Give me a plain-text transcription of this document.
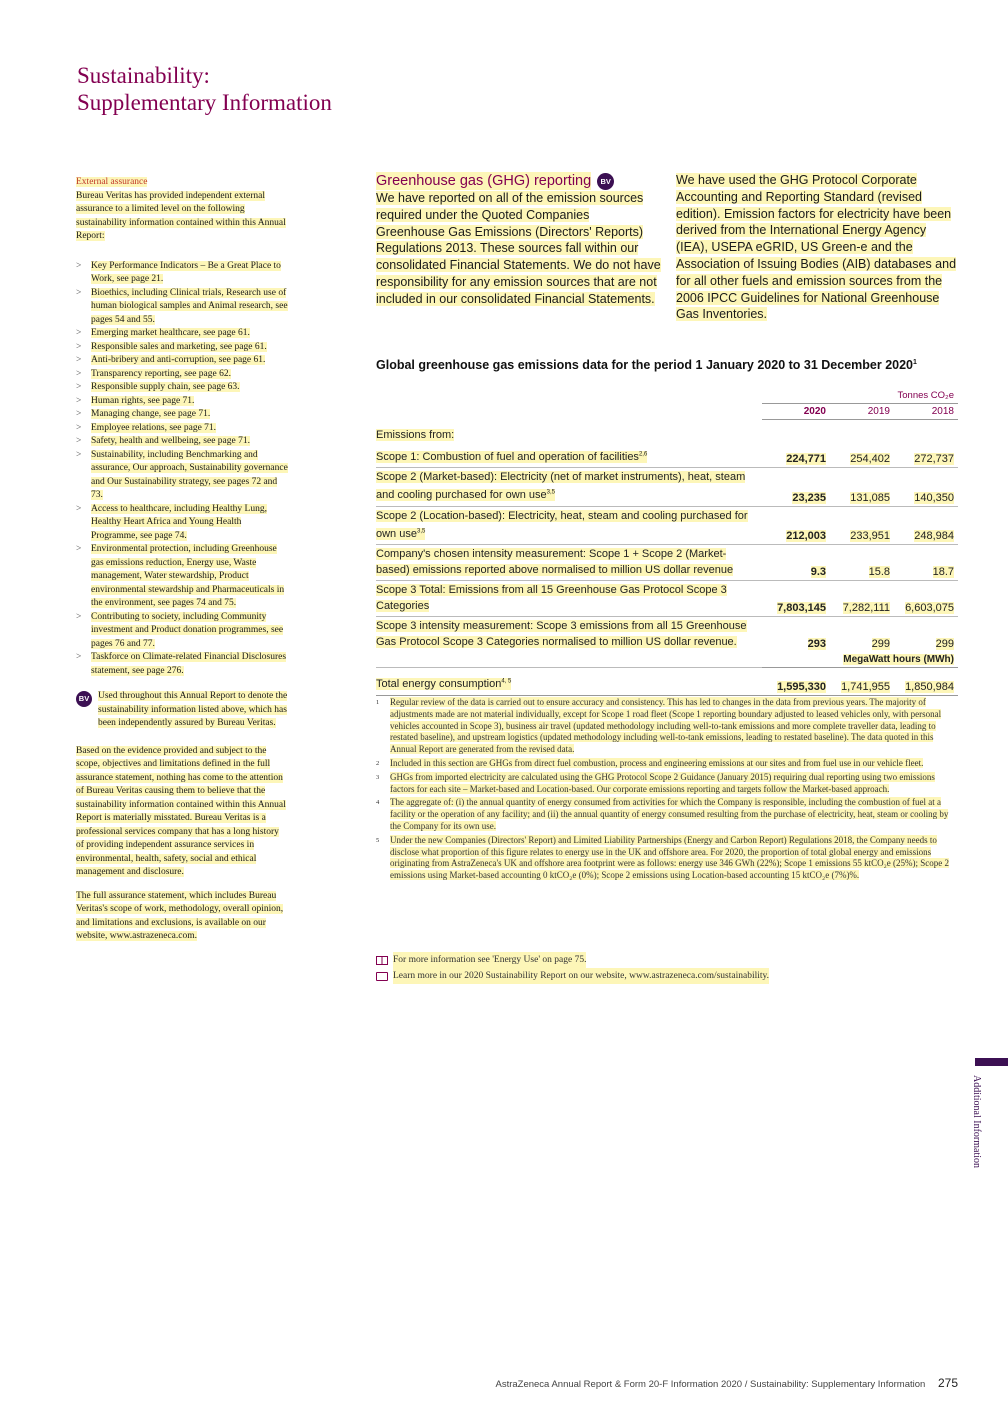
Sustainability:
Supplementary Information

External assurance
Bureau Veritas has provided independent external assurance to a limited level on the following sustainability information contained within this Annual Report:

> Key Performance Indicators – Be a Great Place to Work, see page 21.
> Bioethics, including Clinical trials, Research use of human biological samples and Animal research, see pages 54 and 55.
> Emerging market healthcare, see page 61.
> Responsible sales and marketing, see page 61.
> Anti-bribery and anti-corruption, see page 61.
> Transparency reporting, see page 62.
> Responsible supply chain, see page 63.
> Human rights, see page 71.
> Managing change, see page 71.
> Employee relations, see page 71.
> Safety, health and wellbeing, see page 71.
> Sustainability, including Benchmarking and assurance, Our approach, Sustainability governance and Our Sustainability strategy, see pages 72 and 73.
> Access to healthcare, including Healthy Lung, Healthy Heart Africa and Young Health Programme, see page 74.
> Environmental protection, including Greenhouse gas emissions reduction, Energy use, Waste management, Water stewardship, Product environmental stewardship and Pharmaceuticals in the environment, see pages 74 and 75.
> Contributing to society, including Community investment and Product donation programmes, see pages 76 and 77.
> Taskforce on Climate-related Financial Disclosures statement, see page 276.
BV Used throughout this Annual Report to denote the sustainability information listed above, which has been independently assured by Bureau Veritas.

Based on the evidence provided and subject to the scope, objectives and limitations defined in the full assurance statement, nothing has come to the attention of Bureau Veritas causing them to believe that the sustainability information contained within this Annual Report is materially misstated. Bureau Veritas is a professional services company that has a long history of providing independent assurance services in environmental, health, safety, social and ethical management and disclosure.

The full assurance statement, which includes Bureau Veritas's scope of work, methodology, overall opinion, and limitations and exclusions, is available on our website, www.astrazeneca.com.

Greenhouse gas (GHG) reporting	BV
We have reported on all of the emission sources required under the Quoted Companies Greenhouse Gas Emissions (Directors' Reports) Regulations 2013. These sources fall within our consolidated Financial Statements. We do not have responsibility for any emission sources that are not included in our consolidated Financial Statements.
We have used the GHG Protocol Corporate Accounting and Reporting Standard (revised edition). Emission factors for electricity have been derived from the International Energy Agency (IEA), USEPA eGRID, US Green-e and the Association of Issuing Bodies (AIB) databases and for all other fuels and emission sources from the 2006 IPCC Guidelines for National Greenhouse Gas Inventories.
Global greenhouse gas emissions data for the period 1 January 2020 to 31 December 2020$^1$
	Tonnes CO₂e		
	2020	2019	2018
Emissions from:			
Scope 1: Combustion of fuel and operation of facilities$^{2,6}$	224,771	254,402	272,737
Scope 2 (Market-based): Electricity (net of market instruments), heat, steam and cooling purchased for own use$^{3,5}$	23,235	131,085	140,350
Scope 2 (Location-based): Electricity, heat, steam and cooling purchased for own use$^{3,5}$	212,003	233,951	248,984
Company's chosen intensity measurement: Scope 1 + Scope 2 (Market-based) emissions reported above normalised to million US dollar revenue	9.3	15.8	18.7
Scope 3 Total: Emissions from all 15 Greenhouse Gas Protocol Scope 3 Categories	7,803,145	7,282,111	6,603,075
Scope 3 intensity measurement: Scope 3 emissions from all 15 Greenhouse Gas Protocol Scope 3 Categories normalised to million US dollar revenue.	293	299	299
	MegaWatt hours (MWh)		
Total energy consumption$^{4, 5}$	1,595,330	1,741,955	1,850,984
1 Regular review of the data is carried out to ensure accuracy and consistency. This has led to changes in the data from previous years. The majority of adjustments made are not material individually, except for Scope 1 road fleet (Scope 1 reporting boundary adjusted to leased vehicles only, with personal vehicles accounted in Scope 3), business air travel (updated methodology including well-to-tank emissions and more complete traveller data, leading to restated baseline), and upstream logistics (updated methodology including well-to-tank emissions, leading to restated baseline). The data quoted in this Annual Report are generated from the revised data.
2 Included in this section are GHGs from direct fuel combustion, process and engineering emissions at our sites and from fuel use in our vehicle fleet.
3 GHGs from imported electricity are calculated using the GHG Protocol Scope 2 Guidance (January 2015) requiring dual reporting using two emissions factors for each site – Market-based and Location-based. Our corporate emissions reporting and targets follow the Market-based approach.
4 The aggregate of: (i) the annual quantity of energy consumed from activities for which the Company is responsible, including the combustion of fuel at a facility or the operation of any facility; and (ii) the annual quantity of energy consumed resulting from the purchase of electricity, heat, steam or cooling by the Company for its own use.
5 Under the new Companies (Directors' Report) and Limited Liability Partnerships (Energy and Carbon Report) Regulations 2018, the Company needs to disclose what proportion of this figure relates to energy use in the UK and offshore area. For 2020, the proportion of total global energy and emissions originating from AstraZeneca's UK and offshore area footprint were as follows: energy use 346 GWh (22%); Scope 1 emissions 55 ktCO₂e (25%); Scope 2 emissions using Market-based accounting 0 ktCO₂e (0%); Scope 2 emissions using Location-based accounting 15 ktCO₂e (7%)%.
For more information see 'Energy Use' on page 75.
Learn more in our 2020 Sustainability Report on our website, www.astrazeneca.com/sustainability.
Additional Information
AstraZeneca Annual Report & Form 20-F Information 2020 / Sustainability: Supplementary Information 275
